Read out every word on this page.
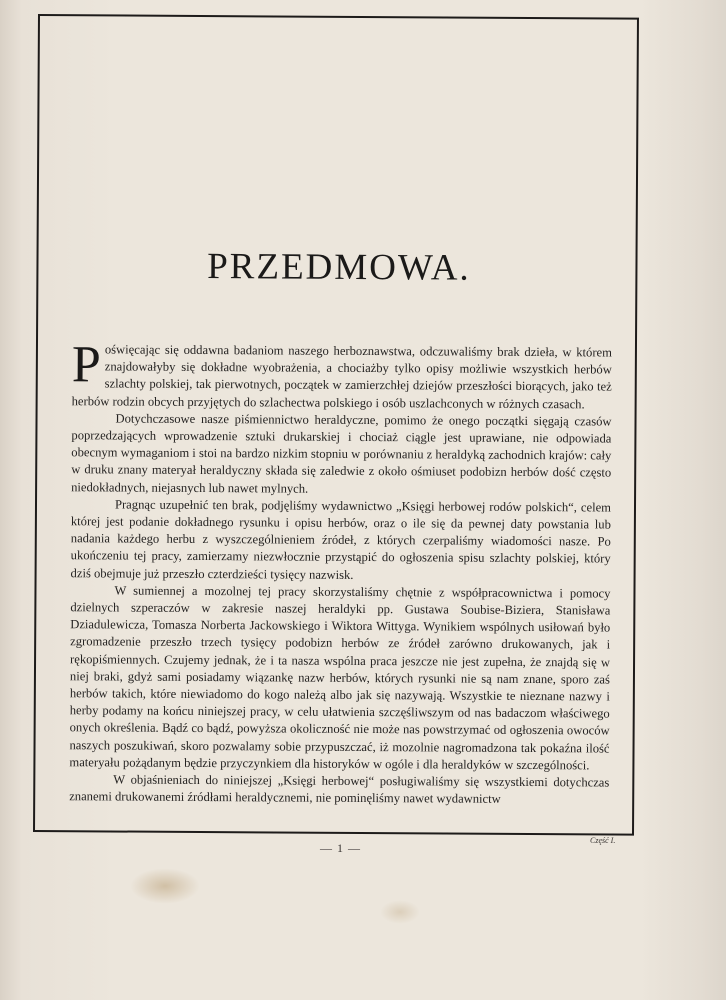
PRZEDMOWA.

Poświęcając się oddawna badaniom naszego herboznawstwa, odczuwaliśmy brak dzieła, w którem znajdowałyby się dokładne wyobrażenia, a chociażby tylko opisy możliwie wszystkich herbów szlachty polskiej, tak pierwotnych, początek w zamierzchłej dziejów przeszłości biorących, jako też herbów rodzin obcych przyjętych do szlachectwa polskiego i osób uszlachconych w różnych czasach.

Dotychczasowe nasze piśmiennictwo heraldyczne, pomimo że onego początki sięgają czasów poprzedzających wprowadzenie sztuki drukarskiej i chociaż ciągle jest uprawiane, nie odpowiada obecnym wymaganiom i stoi na bardzo nizkim stopniu w porównaniu z heraldyką zachodnich krajów: cały w druku znany materyał heraldyczny składa się zaledwie z około ośmiuset podobizn herbów dość często niedokładnych, niejasnych lub nawet mylnych.

Pragnąc uzupełnić ten brak, podjęliśmy wydawnictwo „Księgi herbowej rodów polskich“, celem której jest podanie dokładnego rysunku i opisu herbów, oraz o ile się da pewnej daty powstania lub nadania każdego herbu z wyszczególnieniem źródeł, z których czerpaliśmy wiadomości nasze. Po ukończeniu tej pracy, zamierzamy niezwłocznie przystąpić do ogłoszenia spisu szlachty polskiej, który dziś obejmuje już przeszło czterdzieści tysięcy nazwisk.

W sumiennej a mozolnej tej pracy skorzystaliśmy chętnie z współpracownictwa i pomocy dzielnych szperaczów w zakresie naszej heraldyki pp. Gustawa Soubise-Biziera, Stanisława Dziadulewicza, Tomasza Norberta Jackowskiego i Wiktora Wittyga. Wynikiem wspólnych usiłowań było zgromadzenie przeszło trzech tysięcy podobizn herbów ze źródeł zarówno drukowanych, jak i rękopiśmiennych. Czujemy jednak, że i ta nasza wspólna praca jeszcze nie jest zupełna, że znajdą się w niej braki, gdyż sami posiadamy wiązankę nazw herbów, których rysunki nie są nam znane, sporo zaś herbów takich, które niewiadomo do kogo należą albo jak się nazywają. Wszystkie te nieznane nazwy i herby podamy na końcu niniejszej pracy, w celu ułatwienia szczęśliwszym od nas badaczom właściwego onych określenia. Bądź co bądź, powyższa okoliczność nie może nas powstrzymać od ogłoszenia owoców naszych poszukiwań, skoro pozwalamy sobie przypuszczać, iż mozolnie nagromadzona tak pokaźna ilość materyału pożądanym będzie przyczynkiem dla historyków w ogóle i dla heraldyków w szczególności.

W objaśnieniach do niniejszej „Księgi herbowej“ posługiwaliśmy się wszystkiemi dotychczas znanemi drukowanemi źródłami heraldycznemi, nie pominęliśmy nawet wydawnictw

— 1 —
Część I.
